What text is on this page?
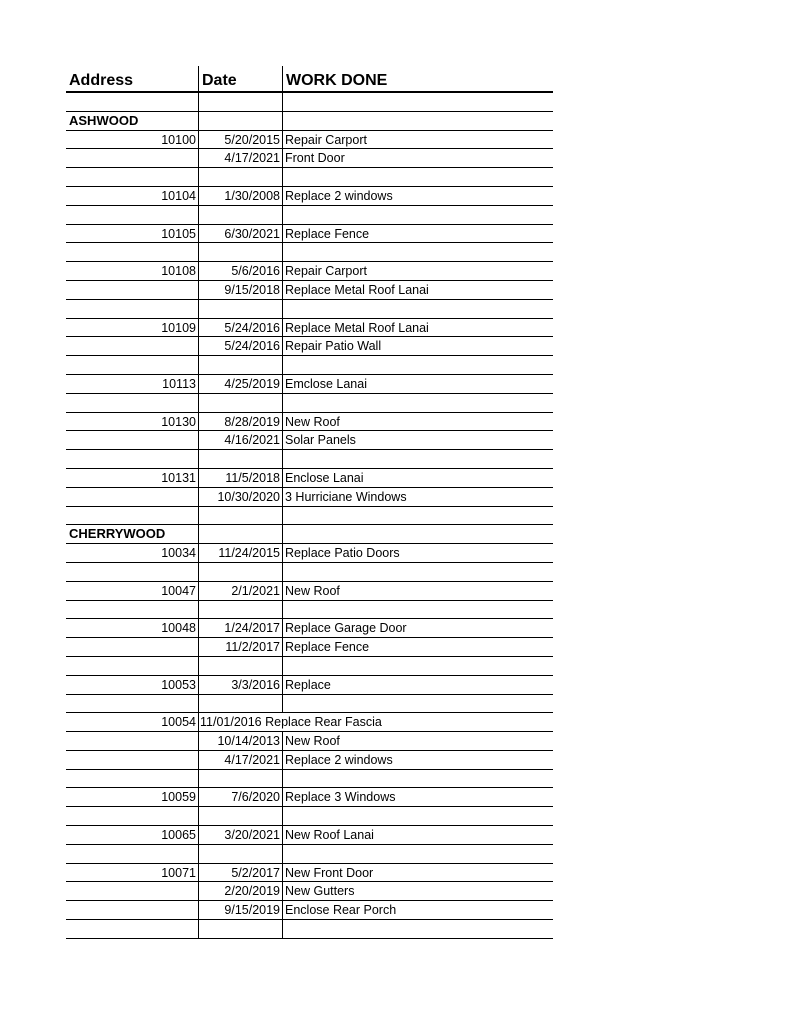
Address	Date	WORK DONE
ASHWOOD
10100	5/20/2015 Repair Carport
4/17/2021 Front Door
10104	1/30/2008 Replace 2 windows
10105	6/30/2021 Replace Fence
10108	5/6/2016 Repair Carport
9/15/2018 Replace Metal Roof Lanai
10109	5/24/2016 Replace Metal Roof Lanai
5/24/2016 Repair Patio Wall
10113	4/25/2019 Emclose Lanai
10130	8/28/2019 New Roof
4/16/2021 Solar Panels
10131	11/5/2018 Enclose Lanai
10/30/2020 3 Hurriciane Windows
CHERRYWOOD
10034	11/24/2015 Replace Patio Doors
10047	2/1/2021 New Roof
10048	1/24/2017 Replace Garage Door
11/2/2017 Replace Fence
10053	3/3/2016 Replace
10054 11/01/2016 Replace Rear Fascia
10/14/2013 New Roof
4/17/2021 Replace 2 windows
10059	7/6/2020 Replace 3 Windows
10065	3/20/2021 New Roof Lanai
10071	5/2/2017 New Front Door
2/20/2019 New Gutters
9/15/2019 Enclose Rear Porch
